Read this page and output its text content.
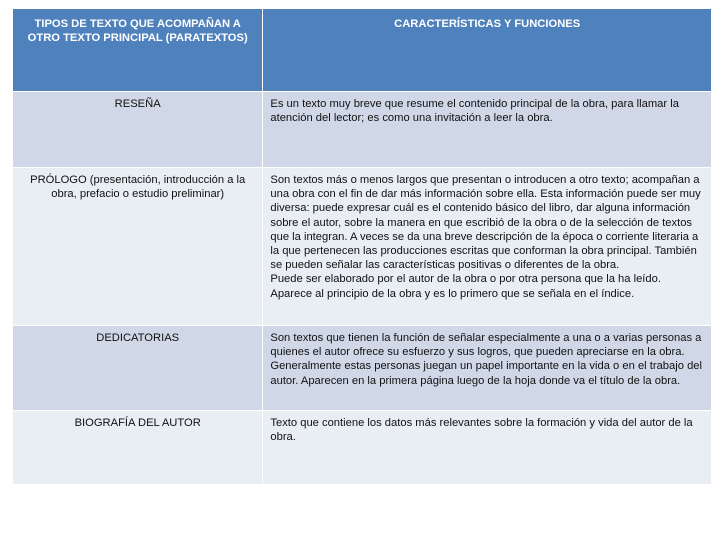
TIPOS DE TEXTO QUE ACOMPAÑAN A OTRO TEXTO PRINCIPAL (PARATEXTOS)	CARACTERÍSTICAS Y FUNCIONES
RESEÑA	Es un texto muy breve que resume el contenido principal de la obra, para llamar la atención del lector; es como una invitación a leer la obra.
PRÓLOGO (presentación, introducción a la obra, prefacio o estudio preliminar)	Son textos más o menos largos que presentan o introducen a otro texto; acompañan a una obra con el fin de dar más información sobre ella. Esta información puede ser muy diversa: puede expresar cuál es el contenido básico del libro, dar alguna información sobre el autor, sobre la manera en que escribió de la obra o de la selección de textos que la integran. A veces se da una breve descripción de la época o corriente literaria a la que pertenecen las producciones escritas que conforman la obra principal. También se pueden señalar las características positivas o diferentes de la obra.
Puede ser elaborado por el autor de la obra o por otra persona que la ha leído. Aparece al principio de la obra y es lo primero que se señala en el índice.
DEDICATORIAS	Son textos que tienen la función de señalar especialmente a una o a varias personas a quienes el autor ofrece su esfuerzo y sus logros, que pueden apreciarse en la obra. Generalmente estas personas juegan un papel importante en la vida o en el trabajo del autor. Aparecen en la primera página luego de la hoja donde va el título de la obra.
BIOGRAFÍA DEL AUTOR	Texto que contiene los datos más relevantes sobre la formación y vida del autor de la obra.
